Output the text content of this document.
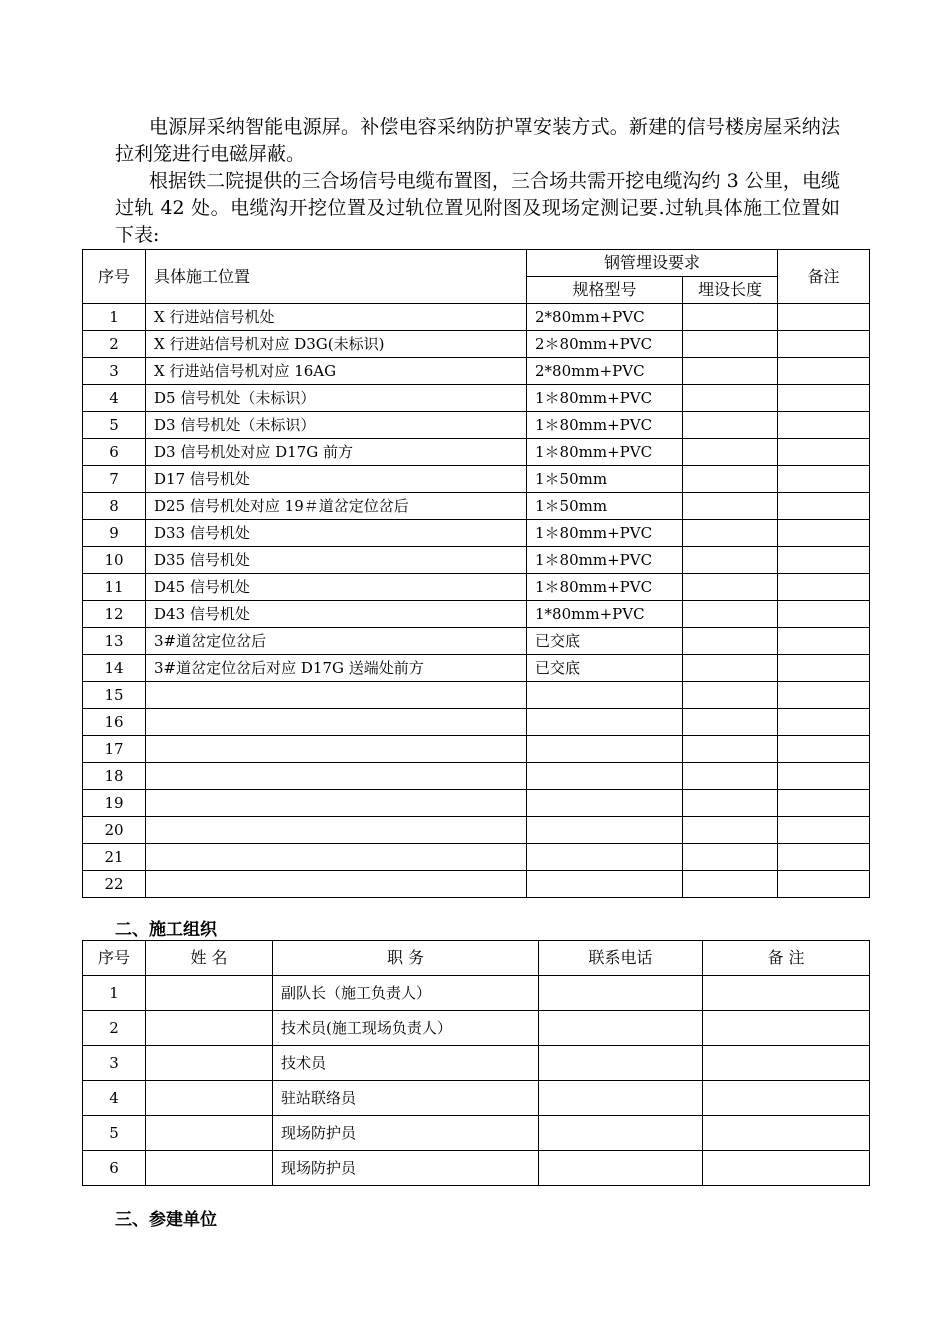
电源屏采纳智能电源屏。补偿电容采纳防护罩安装方式。新建的信号楼房屋采纳法拉利笼进行电磁屏蔽。

根据铁二院提供的三合场信号电缆布置图，三合场共需开挖电缆沟约 3 公里，电缆过轨 42 处。电缆沟开挖位置及过轨位置见附图及现场定测记要.过轨具体施工位置如下表:

序号	具体施工位置	钢管埋设要求		备注
		规格型号	埋设长度	
1	X 行进站信号机处	2*80mm+PVC		
2	X 行进站信号机对应 D3G(未标识)	2＊80mm+PVC		
3	X 行进站信号机对应 16AG	2*80mm+PVC		
4	D5 信号机处（未标识）	1＊80mm+PVC		
5	D3 信号机处（未标识）	1＊80mm+PVC		
6	D3 信号机处对应 D17G 前方	1＊80mm+PVC		
7	D17 信号机处	1＊50mm		
8	D25 信号机处对应 19＃道岔定位岔后	1＊50mm		
9	D33 信号机处	1＊80mm+PVC		
10	D35 信号机处	1＊80mm+PVC		
11	D45 信号机处	1＊80mm+PVC		
12	D43 信号机处	1*80mm+PVC		
13	3#道岔定位岔后	已交底		
14	3#道岔定位岔后对应 D17G 送端处前方	已交底		
15				
16				
17				
18				
19				
20				
21				
22				

二、施工组织

序号	姓 名	职 务	联系电话	备 注
1		副队长（施工负责人）		
2		技术员(施工现场负责人）		
3		技术员		
4		驻站联络员		
5		现场防护员		
6		现场防护员		

三、参建单位
